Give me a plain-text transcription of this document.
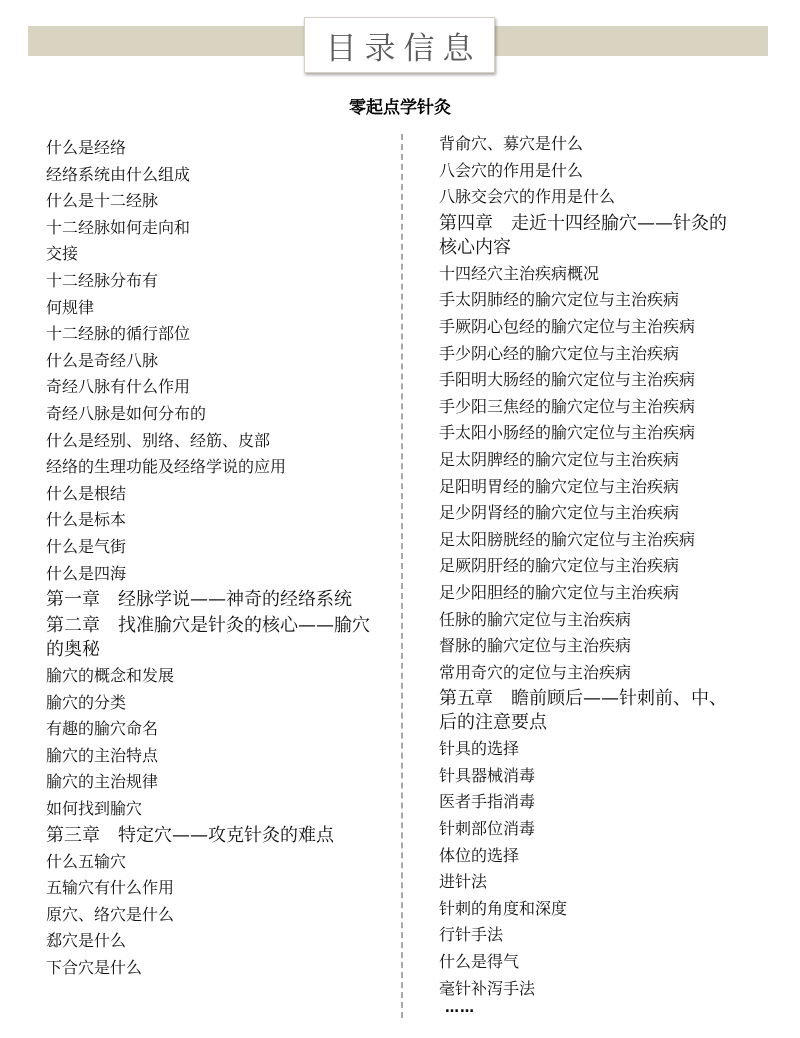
目录信息
零起点学针灸
什么是经络
经络系统由什么组成
什么是十二经脉
十二经脉如何走向和
交接
十二经脉分布有
何规律
十二经脉的循行部位
什么是奇经八脉
奇经八脉有什么作用
奇经八脉是如何分布的
什么是经别、别络、经筋、皮部
经络的生理功能及经络学说的应用
什么是根结
什么是标本
什么是气街
什么是四海
第一章　经脉学说——神奇的经络系统
第二章　找准腧穴是针灸的核心——腧穴的奥秘
腧穴的概念和发展
腧穴的分类
有趣的腧穴命名
腧穴的主治特点
腧穴的主治规律
如何找到腧穴
第三章　特定穴——攻克针灸的难点
什么五输穴
五输穴有什么作用
原穴、络穴是什么
郄穴是什么
下合穴是什么
背俞穴、募穴是什么
八会穴的作用是什么
八脉交会穴的作用是什么
第四章　走近十四经腧穴——针灸的核心内容
十四经穴主治疾病概况
手太阴肺经的腧穴定位与主治疾病
手厥阴心包经的腧穴定位与主治疾病
手少阴心经的腧穴定位与主治疾病
手阳明大肠经的腧穴定位与主治疾病
手少阳三焦经的腧穴定位与主治疾病
手太阳小肠经的腧穴定位与主治疾病
足太阴脾经的腧穴定位与主治疾病
足阳明胃经的腧穴定位与主治疾病
足少阴肾经的腧穴定位与主治疾病
足太阳膀胱经的腧穴定位与主治疾病
足厥阴肝经的腧穴定位与主治疾病
足少阳胆经的腧穴定位与主治疾病
任脉的腧穴定位与主治疾病
督脉的腧穴定位与主治疾病
常用奇穴的定位与主治疾病
第五章　瞻前顾后——针刺前、中、后的注意要点
针具的选择
针具器械消毒
医者手指消毒
针刺部位消毒
体位的选择
进针法
针刺的角度和深度
行针手法
什么是得气
毫针补泻手法
……
